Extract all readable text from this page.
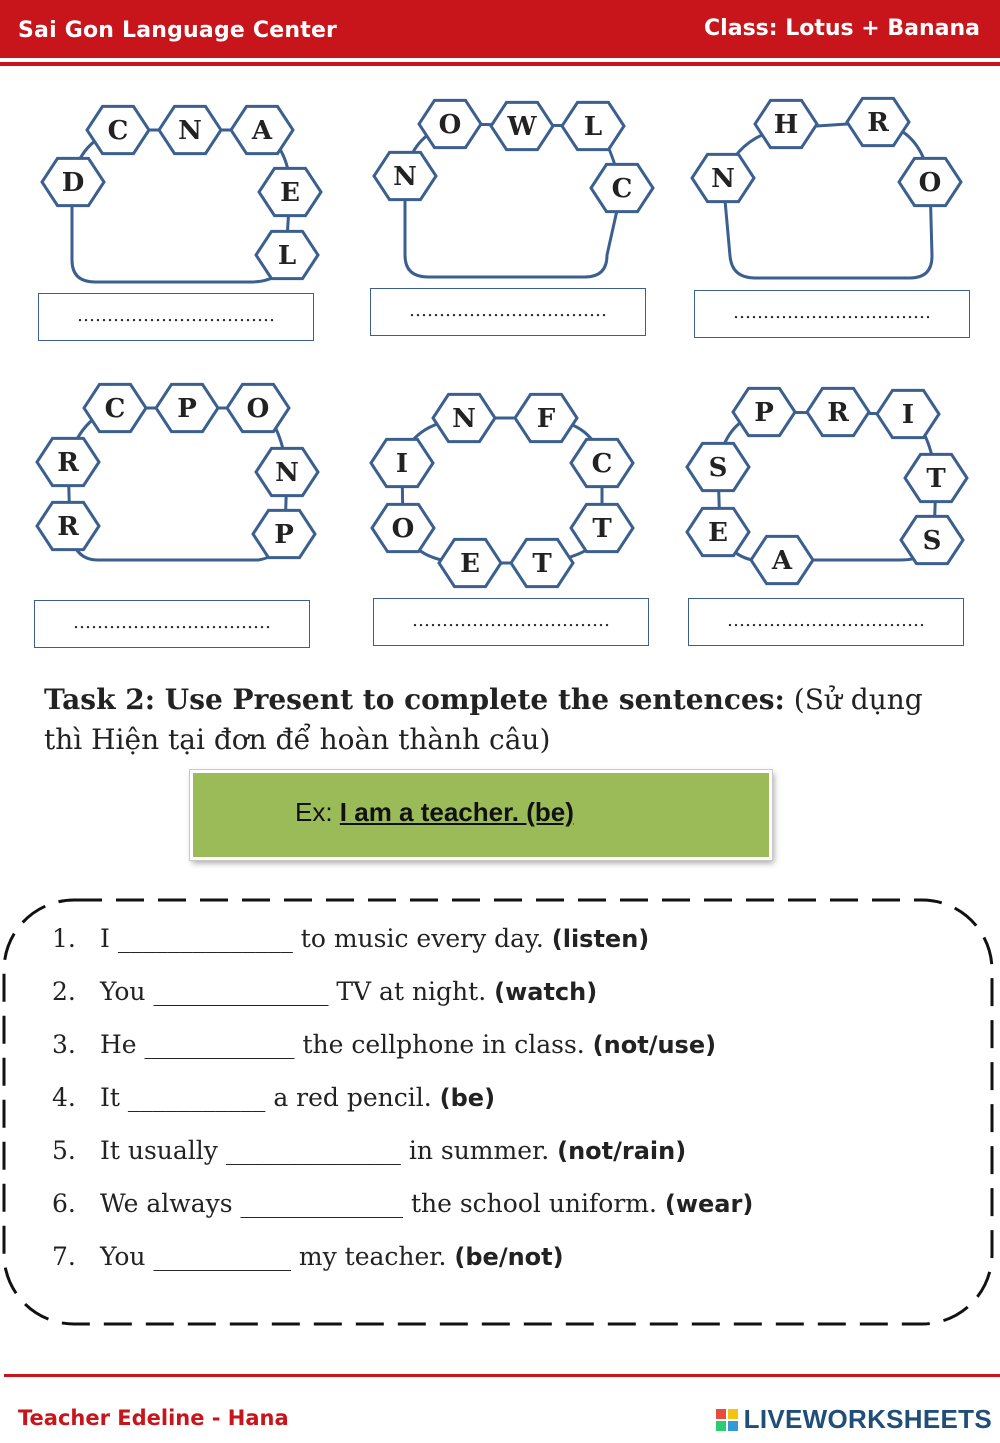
Sai Gon Language Center	Class: Lotus + Banana
D
C N A
E
L
N
O W L
C	N
H	R
O
R
C P O
N
P
R
I
N F
C
T
T
E
O
S
P R I
T
S
A
E
……………………………	……………………………	……………………………
……………………………	……………………………	……………………………
Task 2: Use Present to complete the sentences: (Sử dụng thì Hiện tại đơn để hoàn thành câu)
Ex: I am a teacher. (be)
1. I ______________ to music every day. (listen)
2. You ______________ TV at night. (watch)
3. He ____________ the cellphone in class. (not/use)
4. It ___________ a red pencil. (be)
5. It usually ______________ in summer. (not/rain)
6. We always _____________ the school uniform. (wear)
7. You ___________ my teacher. (be/not)
Teacher Edeline - Hana	LIVEWORKSHEETS
